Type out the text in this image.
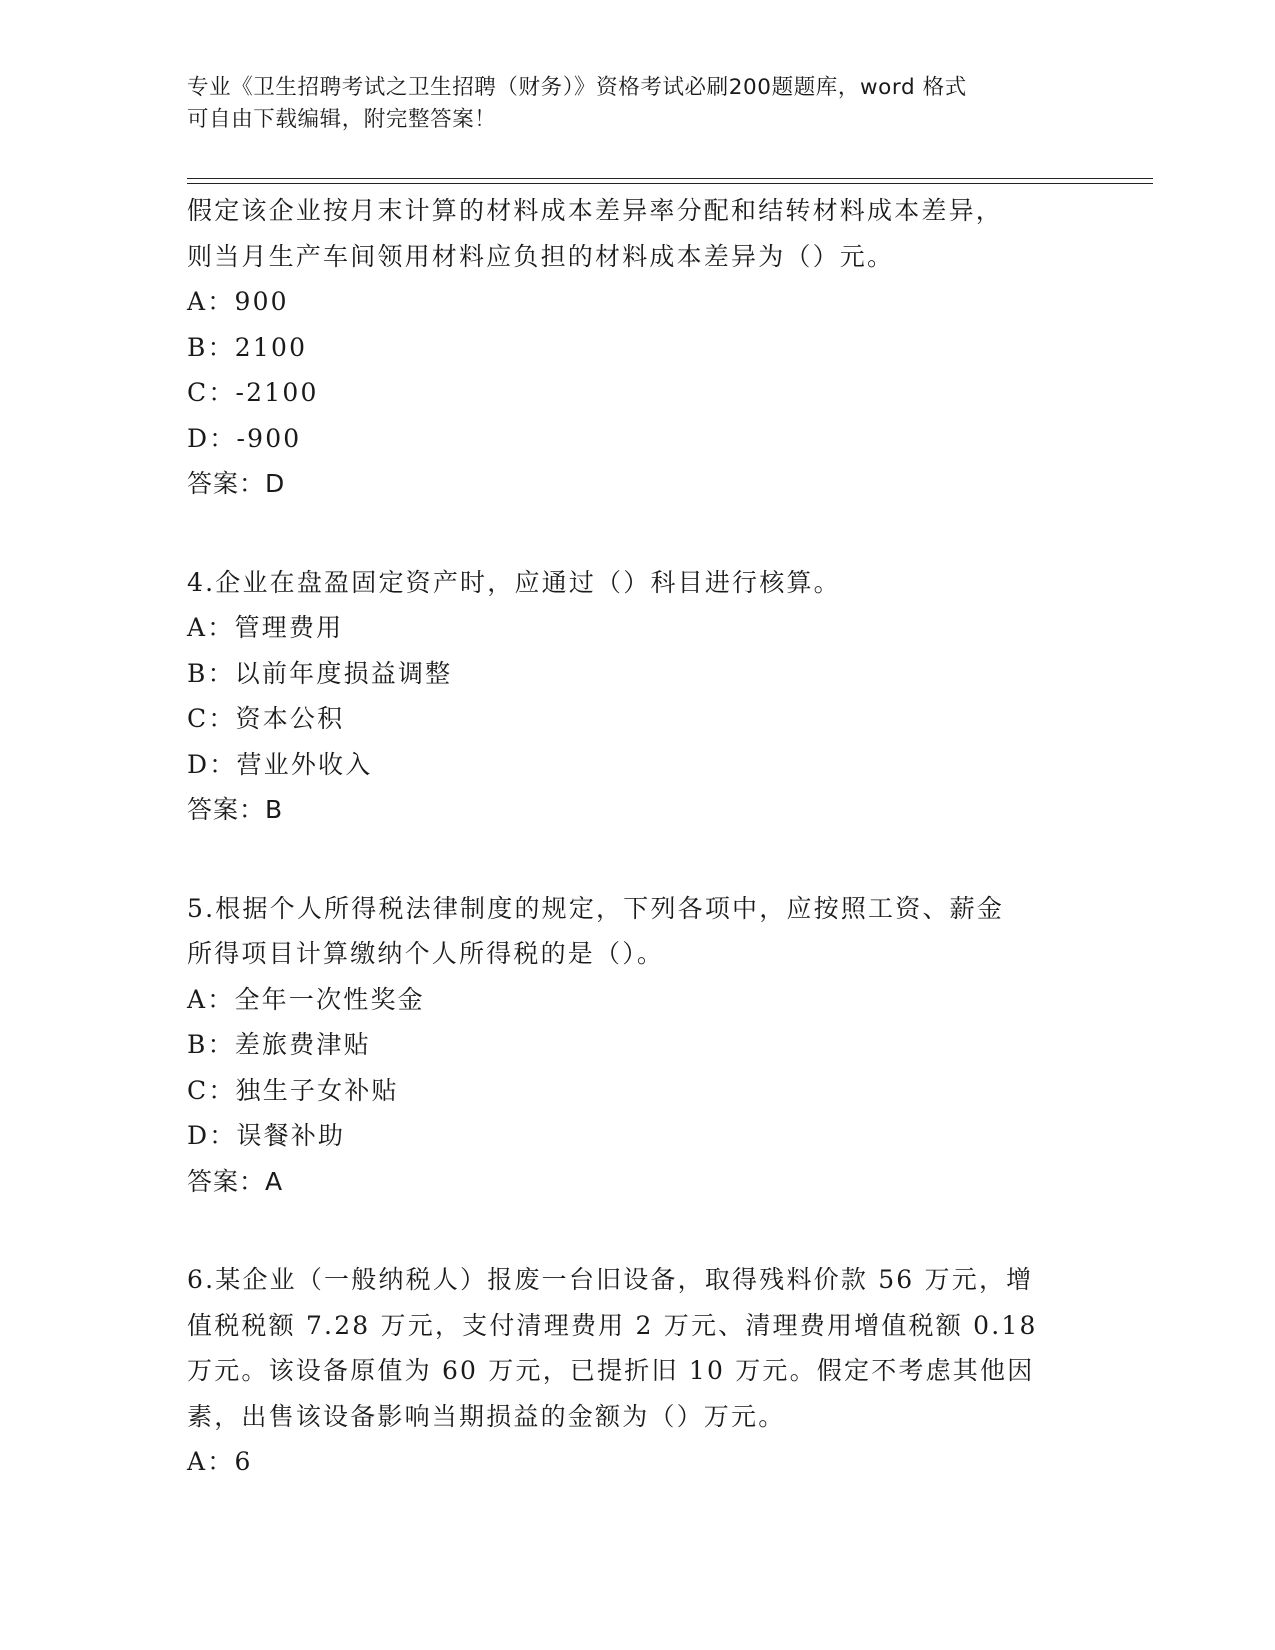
专业《卫生招聘考试之卫生招聘（财务）》资格考试必刷200题题库，word 格式
可自由下载编辑，附完整答案！
假定该企业按月末计算的材料成本差异率分配和结转材料成本差异，
则当月生产车间领用材料应负担的材料成本差异为（）元。
A：900
B：2100
C：-2100
D：-900
答案：D
4.企业在盘盈固定资产时，应通过（）科目进行核算。
A：管理费用
B：以前年度损益调整
C：资本公积
D：营业外收入
答案：B
5.根据个人所得税法律制度的规定，下列各项中，应按照工资、薪金
所得项目计算缴纳个人所得税的是（）。
A：全年一次性奖金
B：差旅费津贴
C：独生子女补贴
D：误餐补助
答案：A
6.某企业（一般纳税人）报废一台旧设备，取得残料价款 56 万元，增
值税税额 7.28 万元，支付清理费用 2 万元、清理费用增值税额 0.18
万元。该设备原值为 60 万元，已提折旧 10 万元。假定不考虑其他因
素，出售该设备影响当期损益的金额为（）万元。
A：6
